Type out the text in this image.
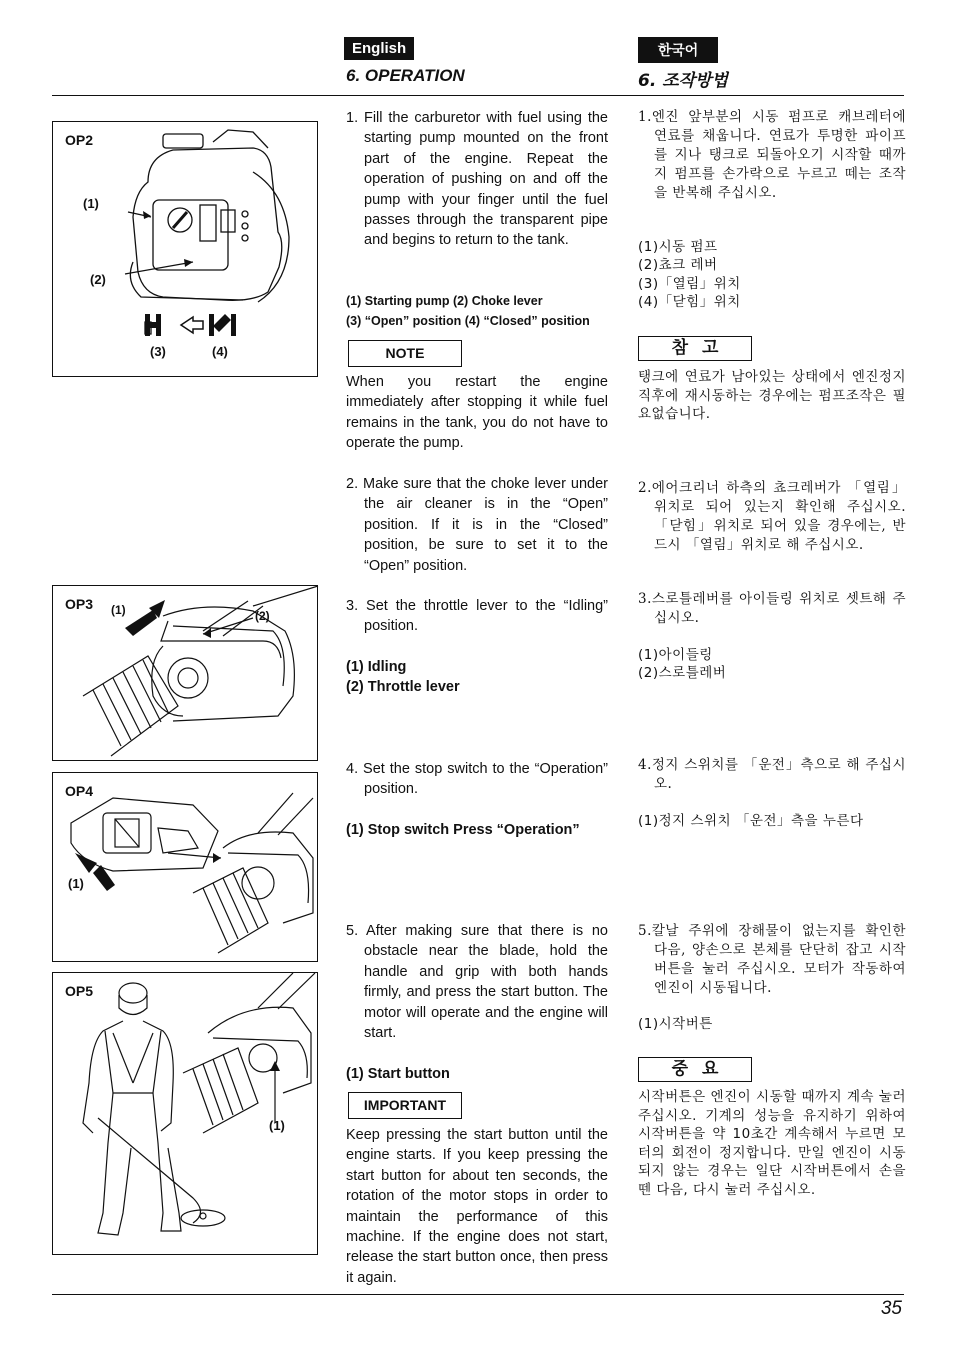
English	한국어
6. OPERATION	6. 조작방법
OP2
(1)
(2)
(3)	(4)
OP3 (1)	(2)
OP4
(1)
OP5
(1)
1. Fill the carburetor with fuel using the starting pump mounted on the front part of the engine. Repeat the operation of pushing on and off the pump with your finger until the fuel passes through the transparent pipe and begins to return to the tank.
(1) Starting pump (2) Choke lever
(3) “Open” position (4) “Closed” position
NOTE
When you restart the engine immediately after stopping it while fuel remains in the tank, you do not have to operate the pump.
2. Make sure that the choke lever under the air cleaner is in the “Open” position. If it is in the “Closed” position, be sure to set it to the “Open” position.
3. Set the throttle lever to the “Idling” position.
(1) Idling
(2) Throttle lever
4. Set the stop switch to the “Operation” position.
(1) Stop switch Press “Operation”
5. After making sure that there is no obstacle near the blade, hold the handle and grip with both hands firmly, and press the start button. The motor will operate and the engine will start.
(1) Start button
IMPORTANT
Keep pressing the start button until the engine starts. If you keep pressing the start button for about ten seconds, the rotation of the motor stops in order to maintain the performance of this machine. If the engine does not start, release the start button once, then press it again.
1.엔진 앞부분의 시동 펌프로 캐브레터에 연료를 채웁니다. 연료가 투명한 파이프를 지나 탱크로 되돌아오기 시작할 때까지 펌프를 손가락으로 누르고 떼는 조작을 반복해 주십시오.
(1)시동 펌프
(2)쵸크 레버
(3)「열림」위치
(4)「닫힘」위치
참고
탱크에 연료가 남아있는 상태에서 엔진정지 직후에 재시동하는 경우에는 펌프조작은 필요없습니다.
2.에어크리너 하측의 쵸크레버가 「열림」위치로 되어 있는지 확인해 주십시오. 「닫힘」위치로 되어 있을 경우에는, 반드시 「열림」위치로 해 주십시오.
3.스로틀레버를 아이들링 위치로 셋트해 주십시오.
(1)아이들링
(2)스로틀레버
4.정지 스위치를 「운전」측으로 해 주십시오.
(1)정지 스위치 「운전」측을 누른다
5.칼날 주위에 장해물이 없는지를 확인한 다음, 양손으로 본체를 단단히 잡고 시작버튼을 눌러 주십시오. 모터가 작동하여 엔진이 시동됩니다.
(1)시작버튼
중요
시작버튼은 엔진이 시동할 때까지 계속 눌러 주십시오. 기계의 성능을 유지하기 위하여 시작버튼을 약 10초간 계속해서 누르면 모터의 회전이 정지합니다. 만일 엔진이 시동되지 않는 경우는 일단 시작버튼에서 손을 뗀 다음, 다시 눌러 주십시오.
35
